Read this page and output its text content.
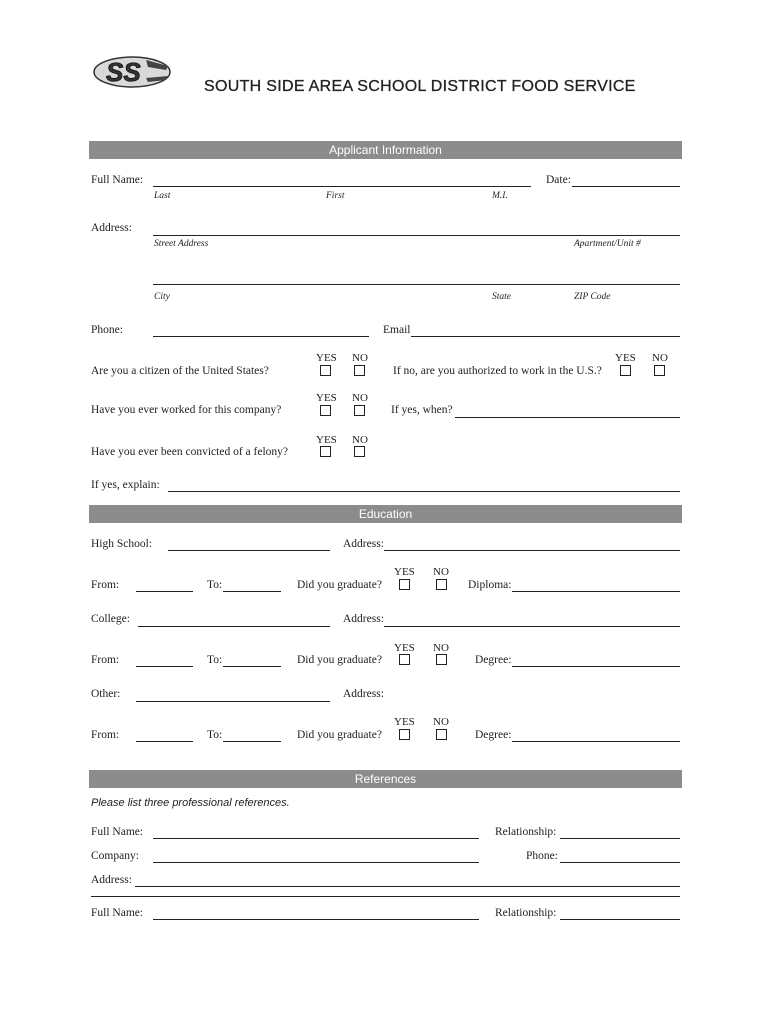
SS	SOUTH SIDE AREA SCHOOL DISTRICT FOOD SERVICE
Applicant Information
Full Name:	Date:
Last	First	M.I.
Address:
Street Address	Apartment/Unit #
City	State	ZIP Code
Phone:	Email
YES NO
Are you a citizen of the United States?
YES NO
If no, are you authorized to work in the U.S.?
YES NO
Have you ever worked for this company?	If yes, when?
YES NO
Have you ever been convicted of a felony?
If yes, explain:
Education
High School:	Address:
YES NO
From:	To:	Did you graduate?	Diploma:
College:	Address:
YES NO
From:	To:	Did you graduate?	Degree:
Other:	Address:
YES NO
From:	To:	Did you graduate?	Degree:
References
Please list three professional references.
Full Name:	Relationship:
Company:	Phone:
Address:
Full Name:	Relationship:
